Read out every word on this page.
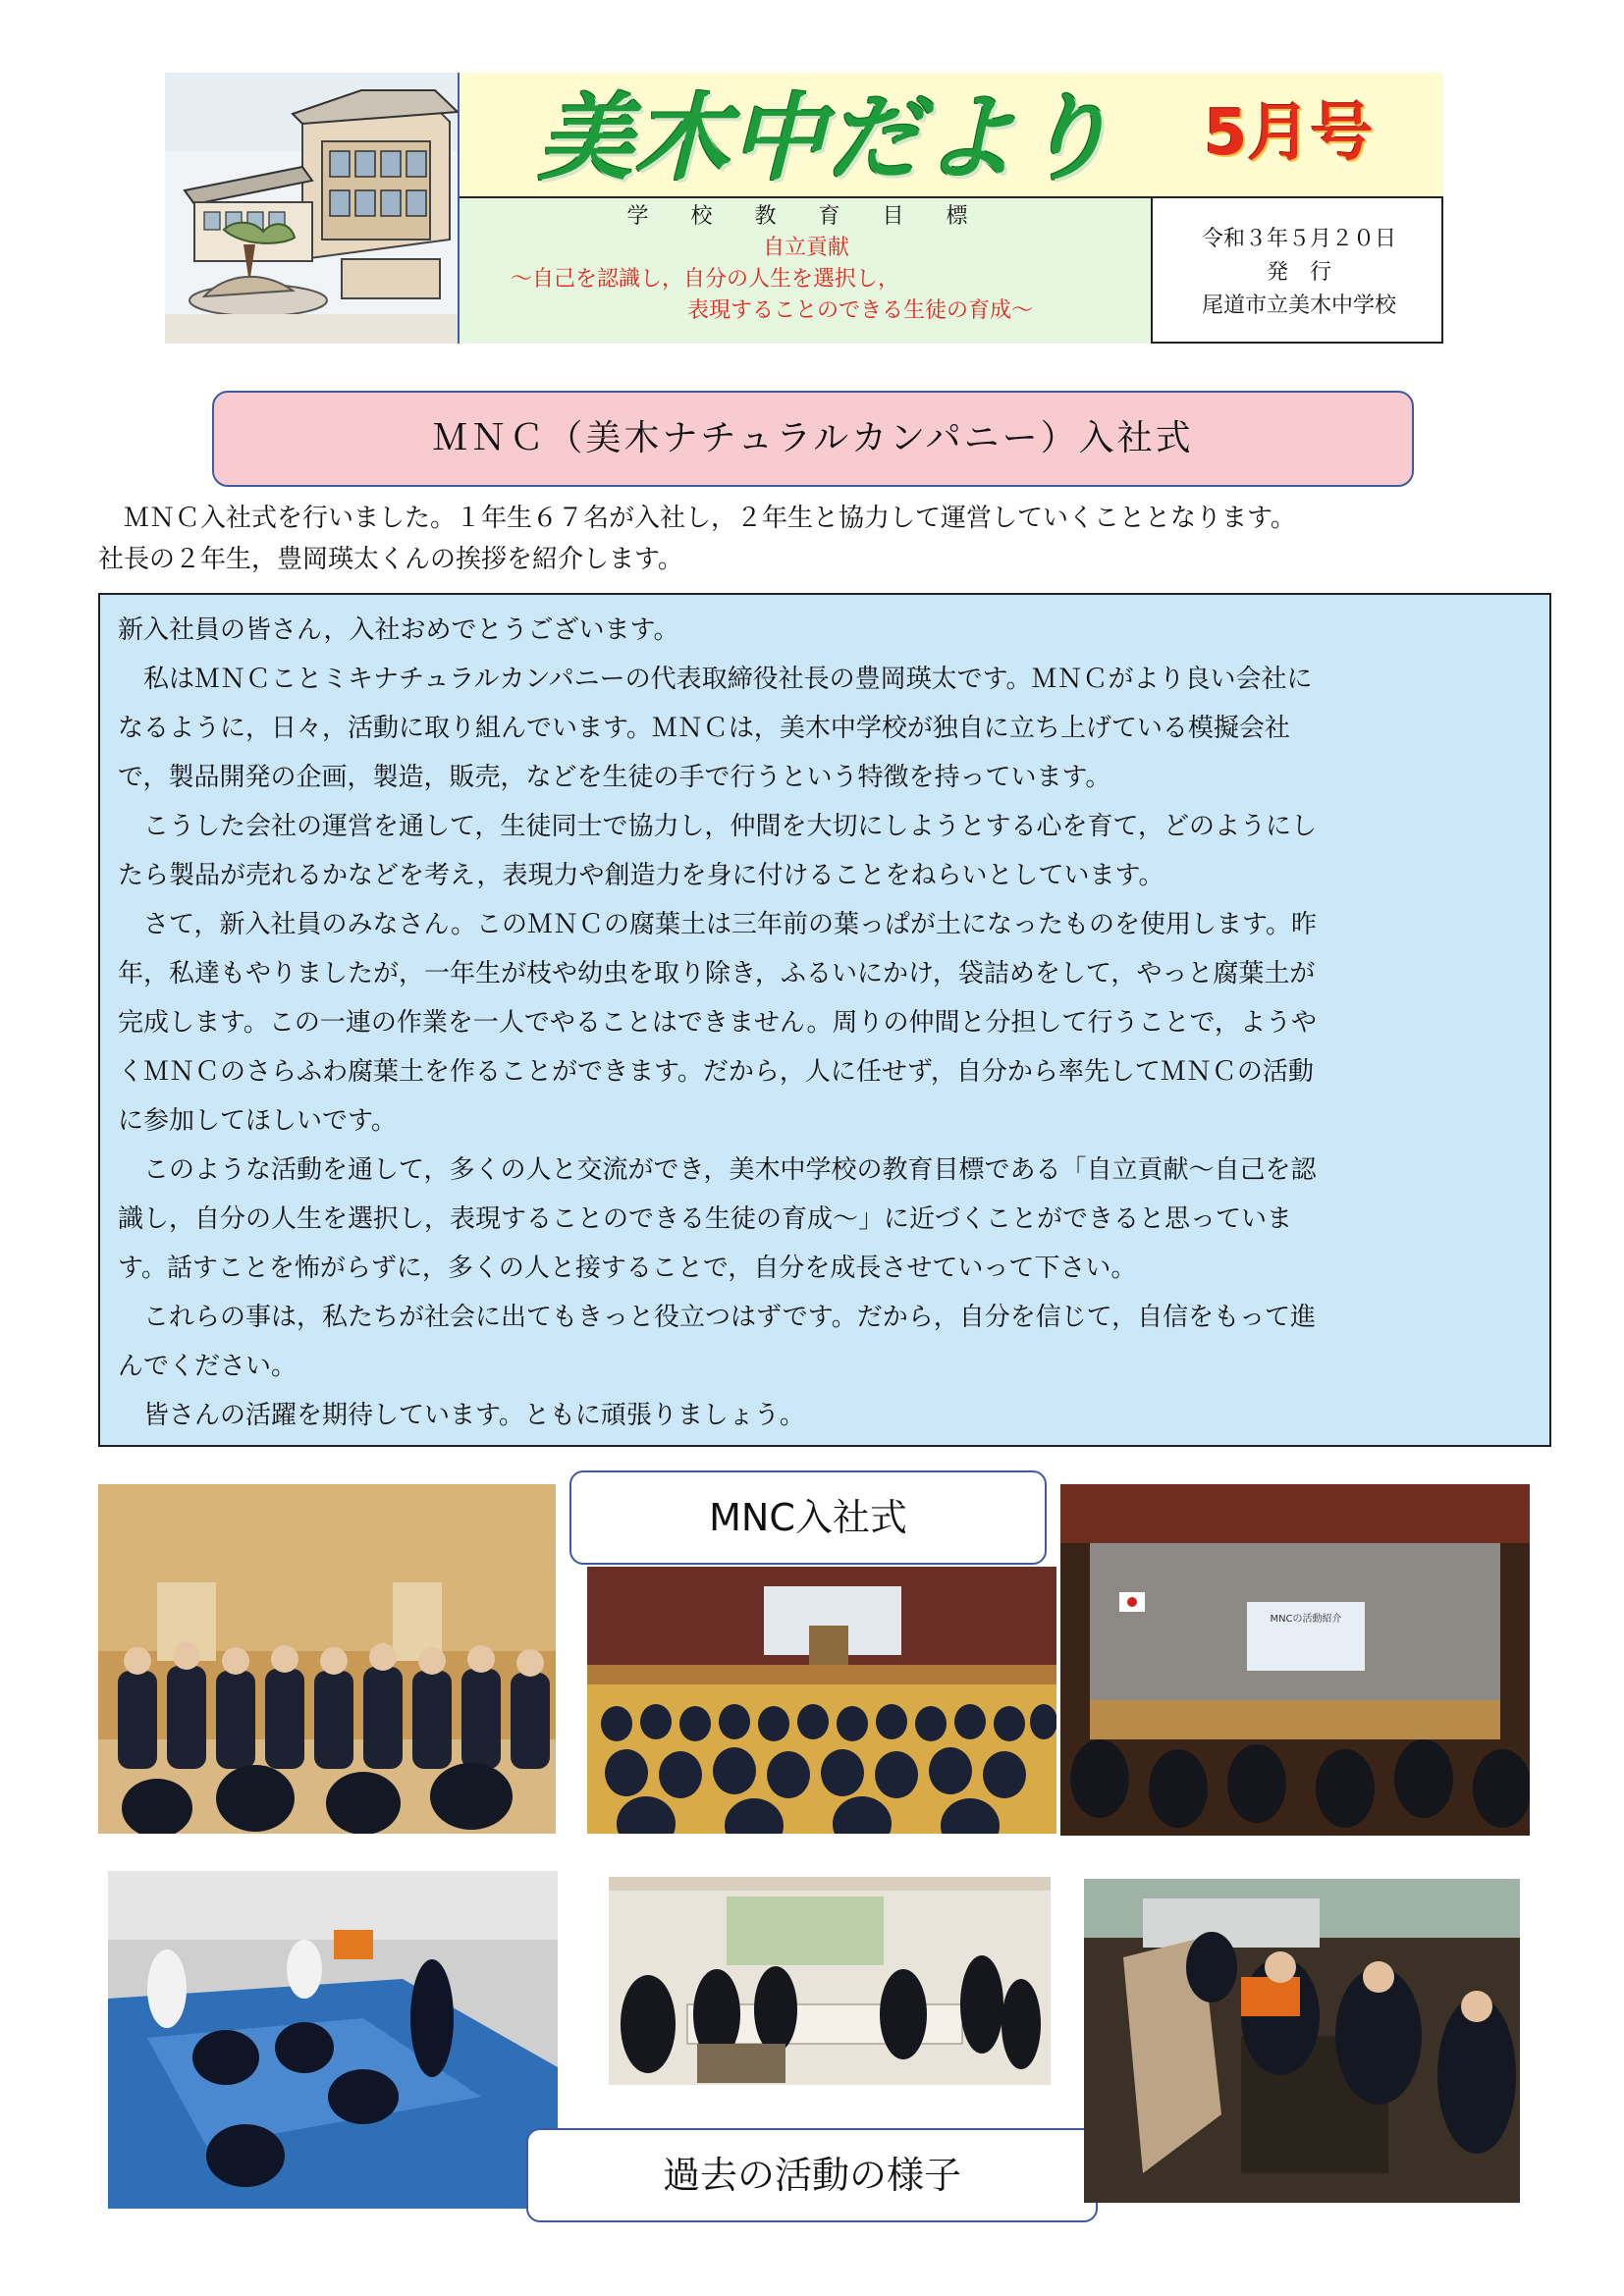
美木中だより	5月号
学 校 教 育 目 標
自立貢献
～自己を認識し，自分の人生を選択し，
表現することのできる生徒の育成～
令和３年５月２０日
発　行
尾道市立美木中学校
ＭＮＣ（美木ナチュラルカンパニー）入社式
　ＭＮＣ入社式を行いました。１年生６７名が入社し，２年生と協力して運営していくこととなります。
社長の２年生，豊岡瑛太くんの挨拶を紹介します。
新入社員の皆さん，入社おめでとうございます。
　私はＭＮＣことミキナチュラルカンパニーの代表取締役社長の豊岡瑛太です。ＭＮＣがより良い会社に
なるように，日々，活動に取り組んでいます。ＭＮＣは，美木中学校が独自に立ち上げている模擬会社
で，製品開発の企画，製造，販売，などを生徒の手で行うという特徴を持っています。
　こうした会社の運営を通して，生徒同士で協力し，仲間を大切にしようとする心を育て，どのようにし
たら製品が売れるかなどを考え，表現力や創造力を身に付けることをねらいとしています。
　さて，新入社員のみなさん。このＭＮＣの腐葉土は三年前の葉っぱが土になったものを使用します。昨
年，私達もやりましたが，一年生が枝や幼虫を取り除き，ふるいにかけ，袋詰めをして，やっと腐葉土が
完成します。この一連の作業を一人でやることはできません。周りの仲間と分担して行うことで，ようや
くＭＮＣのさらふわ腐葉土を作ることができます。だから，人に任せず，自分から率先してＭＮＣの活動
に参加してほしいです。
　このような活動を通して，多くの人と交流ができ，美木中学校の教育目標である「自立貢献～自己を認
識し，自分の人生を選択し，表現することのできる生徒の育成～」に近づくことができると思っていま
す。話すことを怖がらずに，多くの人と接することで，自分を成長させていって下さい。
　これらの事は，私たちが社会に出てもきっと役立つはずです。だから，自分を信じて，自信をもって進
んでください。
　皆さんの活躍を期待しています。ともに頑張りましょう。
MNC入社式
MNCの活動紹介
過去の活動の様子
